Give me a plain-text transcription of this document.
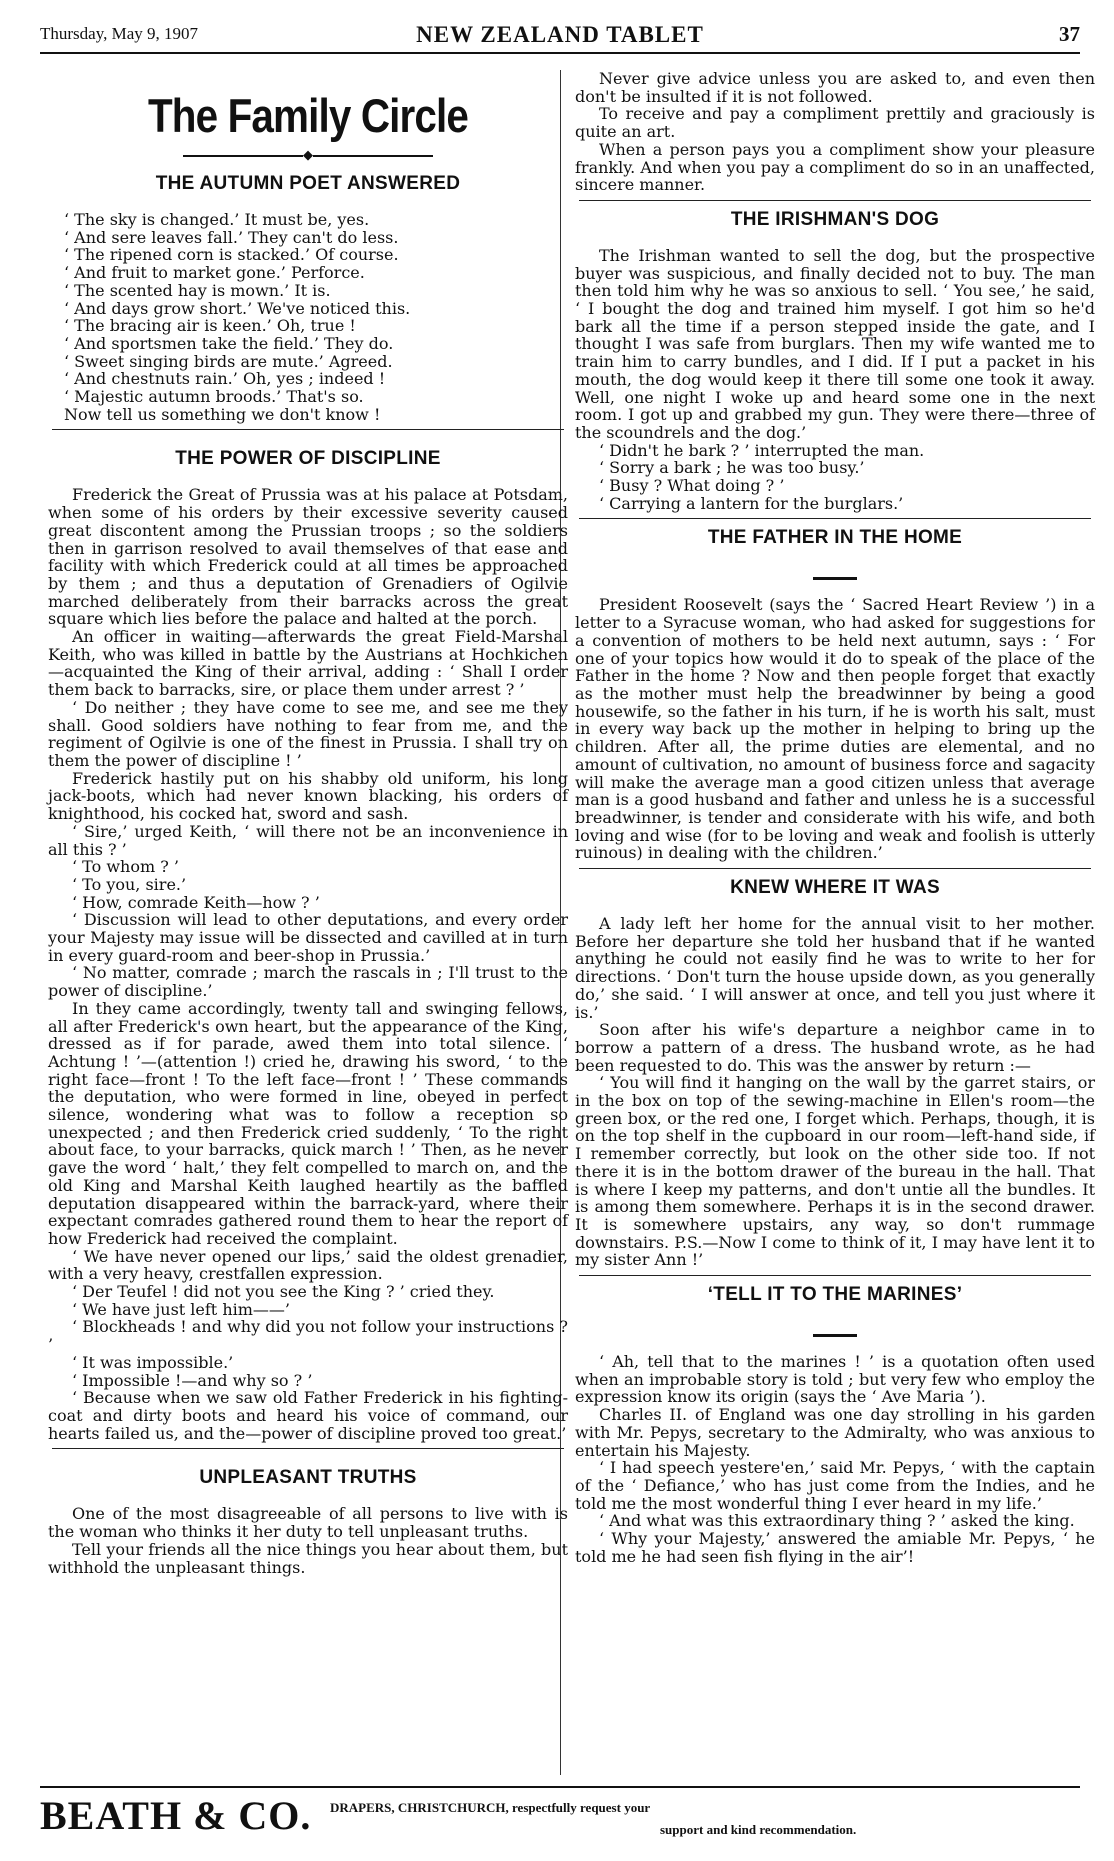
Thursday, May 9, 1907	NEW ZEALAND TABLET	37
The Family Circle
◆
THE AUTUMN POET ANSWERED

‘ The sky is changed.’ It must be, yes.

‘ And sere leaves fall.’ They can't do less.

‘ The ripened corn is stacked.’ Of course.

‘ And fruit to market gone.’ Perforce.

‘ The scented hay is mown.’ It is.

‘ And days grow short.’ We've noticed this.

‘ The bracing air is keen.’ Oh, true !

‘ And sportsmen take the field.’ They do.

‘ Sweet singing birds are mute.’ Agreed.

‘ And chestnuts rain.’ Oh, yes ; indeed !

‘ Majestic autumn broods.’ That's so.

Now tell us something we don't know !

THE POWER OF DISCIPLINE

Frederick the Great of Prussia was at his palace at Potsdam, when some of his orders by their excessive severity caused great discontent among the Prussian troops ; so the soldiers then in garrison resolved to avail themselves of that ease and facility with which Frederick could at all times be approached by them ; and thus a deputation of Grenadiers of Ogilvie marched deliberately from their barracks across the great square which lies before the palace and halted at the porch.

An officer in waiting—afterwards the great Field-Marshal Keith, who was killed in battle by the Austrians at Hochkichen—acquainted the King of their arrival, adding : ‘ Shall I order them back to barracks, sire, or place them under arrest ? ’

‘ Do neither ; they have come to see me, and see me they shall. Good soldiers have nothing to fear from me, and the regiment of Ogilvie is one of the finest in Prussia. I shall try on them the power of discipline ! ’

Frederick hastily put on his shabby old uniform, his long jack-boots, which had never known blacking, his orders of knighthood, his cocked hat, sword and sash.

‘ Sire,’ urged Keith, ‘ will there not be an inconvenience in all this ? ’

‘ To whom ? ’

‘ To you, sire.’

‘ How, comrade Keith—how ? ’

‘ Discussion will lead to other deputations, and every order your Majesty may issue will be dissected and cavilled at in turn in every guard-room and beer-shop in Prussia.’

‘ No matter, comrade ; march the rascals in ; I'll trust to the power of discipline.’

In they came accordingly, twenty tall and swinging fellows, all after Frederick's own heart, but the appearance of the King, dressed as if for parade, awed them into total silence. ‘ Achtung ! ’—(attention !) cried he, drawing his sword, ‘ to the right face—front ! To the left face—front ! ’ These commands the deputation, who were formed in line, obeyed in perfect silence, wondering what was to follow a reception so unexpected ; and then Frederick cried suddenly, ‘ To the right about face, to your barracks, quick march ! ’ Then, as he never gave the word ‘ halt,’ they felt compelled to march on, and the old King and Marshal Keith laughed heartily as the baffled deputation disappeared within the barrack-yard, where their expectant comrades gathered round them to hear the report of how Frederick had received the complaint.

‘ We have never opened our lips,’ said the oldest grenadier, with a very heavy, crestfallen expression.

‘ Der Teufel ! did not you see the King ? ’ cried they.

‘ We have just left him——’

‘ Blockheads ! and why did you not follow your instructions ? ’

‘ It was impossible.’

‘ Impossible !—and why so ? ’

‘ Because when we saw old Father Frederick in his fighting-coat and dirty boots and heard his voice of command, our hearts failed us, and the—power of discipline proved too great.’

UNPLEASANT TRUTHS

One of the most disagreeable of all persons to live with is the woman who thinks it her duty to tell unpleasant truths.

Tell your friends all the nice things you hear about them, but withhold the unpleasant things.

Never give advice unless you are asked to, and even then don't be insulted if it is not followed.

To receive and pay a compliment prettily and graciously is quite an art.

When a person pays you a compliment show your pleasure frankly. And when you pay a compliment do so in an unaffected, sincere manner.

THE IRISHMAN'S DOG

The Irishman wanted to sell the dog, but the prospective buyer was suspicious, and finally decided not to buy. The man then told him why he was so anxious to sell. ‘ You see,’ he said, ‘ I bought the dog and trained him myself. I got him so he'd bark all the time if a person stepped inside the gate, and I thought I was safe from burglars. Then my wife wanted me to train him to carry bundles, and I did. If I put a packet in his mouth, the dog would keep it there till some one took it away. Well, one night I woke up and heard some one in the next room. I got up and grabbed my gun. They were there—three of the scoundrels and the dog.’

‘ Didn't he bark ? ’ interrupted the man.

‘ Sorry a bark ; he was too busy.’

‘ Busy ? What doing ? ’

‘ Carrying a lantern for the burglars.’

THE FATHER IN THE HOME

President Roosevelt (says the ‘ Sacred Heart Review ’) in a letter to a Syracuse woman, who had asked for suggestions for a convention of mothers to be held next autumn, says : ‘ For one of your topics how would it do to speak of the place of the Father in the home ? Now and then people forget that exactly as the mother must help the breadwinner by being a good housewife, so the father in his turn, if he is worth his salt, must in every way back up the mother in helping to bring up the children. After all, the prime duties are elemental, and no amount of cultivation, no amount of business force and sagacity will make the average man a good citizen unless that average man is a good husband and father and unless he is a successful breadwinner, is tender and considerate with his wife, and both loving and wise (for to be loving and weak and foolish is utterly ruinous) in dealing with the children.’

KNEW WHERE IT WAS

A lady left her home for the annual visit to her mother. Before her departure she told her husband that if he wanted anything he could not easily find he was to write to her for directions. ‘ Don't turn the house upside down, as you generally do,’ she said. ‘ I will answer at once, and tell you just where it is.’

Soon after his wife's departure a neighbor came in to borrow a pattern of a dress. The husband wrote, as he had been requested to do. This was the answer by return :—

‘ You will find it hanging on the wall by the garret stairs, or in the box on top of the sewing-machine in Ellen's room—the green box, or the red one, I forget which. Perhaps, though, it is on the top shelf in the cupboard in our room—left-hand side, if I remember correctly, but look on the other side too. If not there it is in the bottom drawer of the bureau in the hall. That is where I keep my patterns, and don't untie all the bundles. It is among them somewhere. Perhaps it is in the second drawer. It is somewhere upstairs, any way, so don't rummage downstairs. P.S.—Now I come to think of it, I may have lent it to my sister Ann !’

‘TELL IT TO THE MARINES’

‘ Ah, tell that to the marines ! ’ is a quotation often used when an improbable story is told ; but very few who employ the expression know its origin (says the ‘ Ave Maria ’).

Charles II. of England was one day strolling in his garden with Mr. Pepys, secretary to the Admiralty, who was anxious to entertain his Majesty.

‘ I had speech yestere'en,’ said Mr. Pepys, ‘ with the captain of the ‘ Defiance,’ who has just come from the Indies, and he told me the most wonderful thing I ever heard in my life.’

‘ And what was this extraordinary thing ? ’ asked the king.

‘ Why your Majesty,’ answered the amiable Mr. Pepys, ‘ he told me he had seen fish flying in the air’!

BEATH & CO. DRAPERS, CHRISTCHURCH, respectfully request your
support and kind recommendation.
